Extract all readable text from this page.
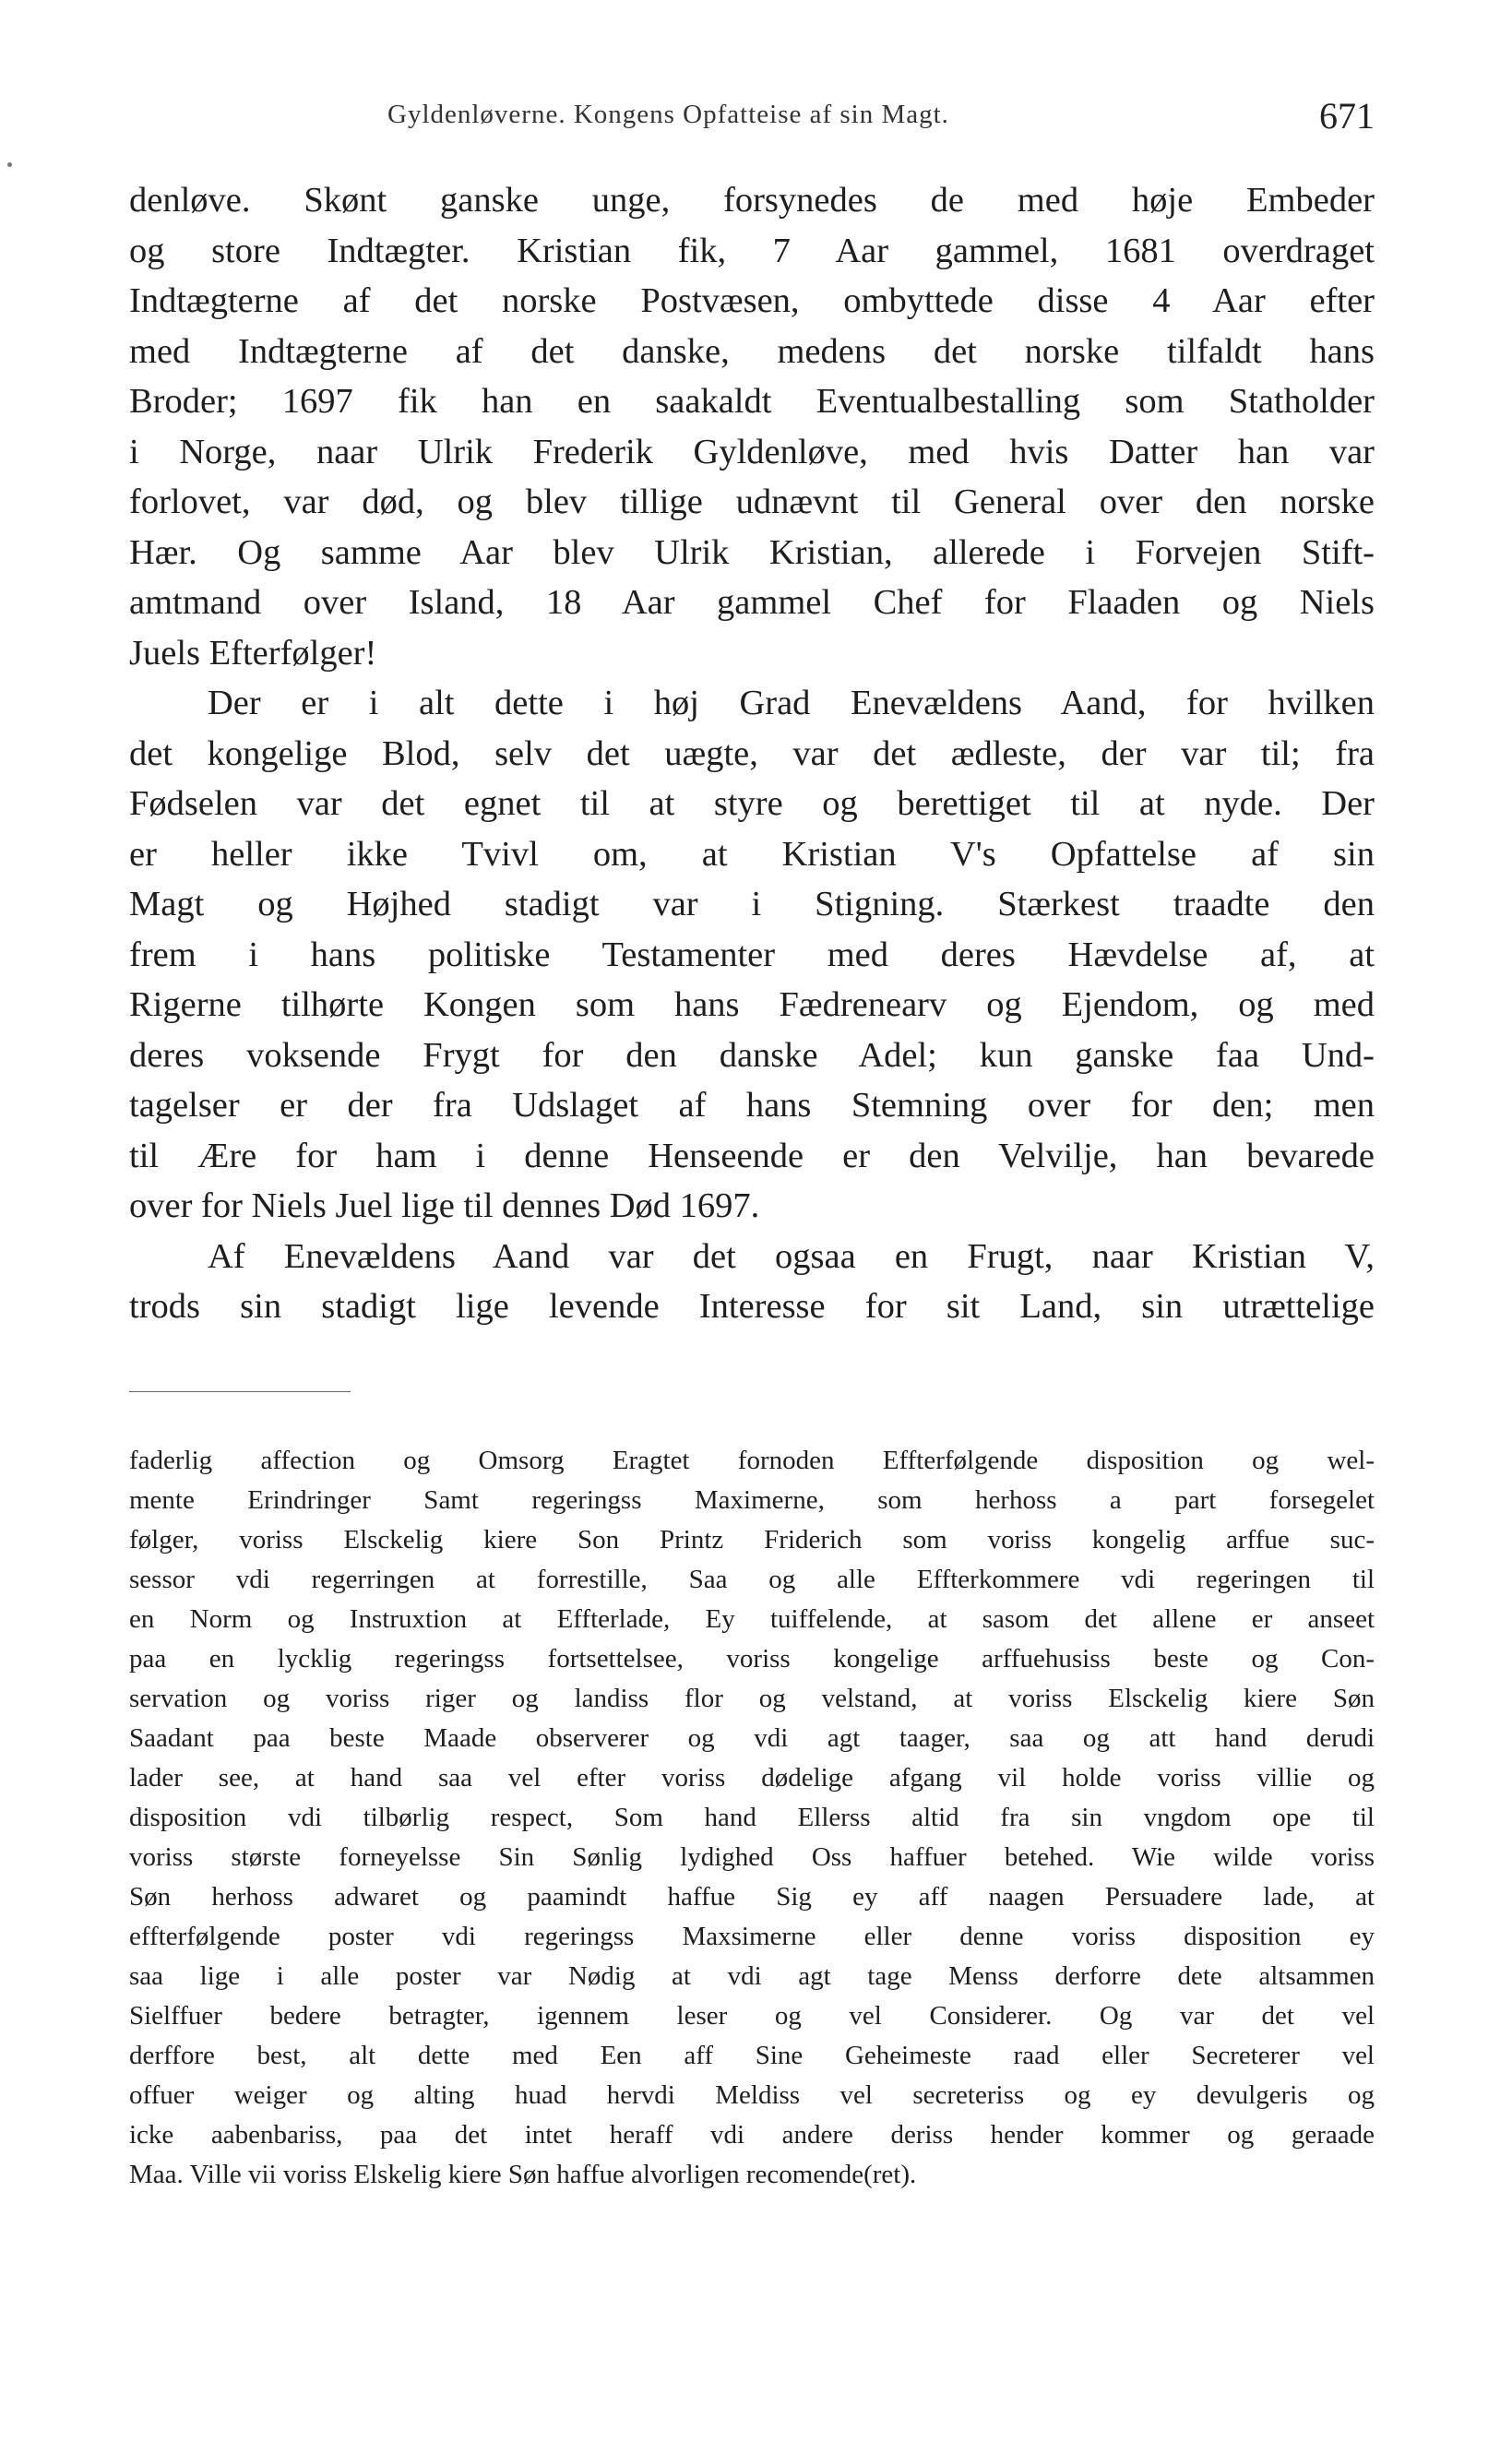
Gyldenløverne. Kongens Opfatteise af sin Magt.	671
denløve. Skønt ganske unge, forsynedes de med høje Embeder
og store Indtægter. Kristian fik, 7 Aar gammel, 1681 overdraget
Indtægterne af det norske Postvæsen, ombyttede disse 4 Aar efter
med Indtægterne af det danske, medens det norske tilfaldt hans
Broder; 1697 fik han en saakaldt Eventualbestalling som Statholder
i Norge, naar Ulrik Frederik Gyldenløve, med hvis Datter han var
forlovet, var død, og blev tillige udnævnt til General over den norske
Hær. Og samme Aar blev Ulrik Kristian, allerede i Forvejen Stift-
amtmand over Island, 18 Aar gammel Chef for Flaaden og Niels
Juels Efterfølger!
Der er i alt dette i høj Grad Enevældens Aand, for hvilken
det kongelige Blod, selv det uægte, var det ædleste, der var til; fra
Fødselen var det egnet til at styre og berettiget til at nyde. Der
er heller ikke Tvivl om, at Kristian V's Opfattelse af sin
Magt og Højhed stadigt var i Stigning. Stærkest traadte den
frem i hans politiske Testamenter med deres Hævdelse af, at
Rigerne tilhørte Kongen som hans Fædrenearv og Ejendom, og med
deres voksende Frygt for den danske Adel; kun ganske faa Und-
tagelser er der fra Udslaget af hans Stemning over for den; men
til Ære for ham i denne Henseende er den Velvilje, han bevarede
over for Niels Juel lige til dennes Død 1697.
Af Enevældens Aand var det ogsaa en Frugt, naar Kristian V,
trods sin stadigt lige levende Interesse for sit Land, sin utrættelige
faderlig affection og Omsorg Eragtet fornoden Effterfølgende disposition og wel-
mente Erindringer Samt regeringss Maximerne, som herhoss a part forsegelet
følger, voriss Elsckelig kiere Son Printz Friderich som voriss kongelig arffue suc-
sessor vdi regerringen at forrestille, Saa og alle Effterkommere vdi regeringen til
en Norm og Instruxtion at Effterlade, Ey tuiffelende, at sasom det allene er anseet
paa en lycklig regeringss fortsettelsee, voriss kongelige arffuehusiss beste og Con-
servation og voriss riger og landiss flor og velstand, at voriss Elsckelig kiere Søn
Saadant paa beste Maade observerer og vdi agt taager, saa og att hand derudi
lader see, at hand saa vel efter voriss dødelige afgang vil holde voriss villie og
disposition vdi tilbørlig respect, Som hand Ellerss altid fra sin vngdom ope til
voriss største forneyelsse Sin Sønlig lydighed Oss haffuer betehed. Wie wilde voriss
Søn herhoss adwaret og paamindt haffue Sig ey aff naagen Persuadere lade, at
effterfølgende poster vdi regeringss Maxsimerne eller denne voriss disposition ey
saa lige i alle poster var Nødig at vdi agt tage Menss derforre dete altsammen
Sielffuer bedere betragter, igennem leser og vel Considerer. Og var det vel
derffore best, alt dette med Een aff Sine Geheimeste raad eller Secreterer vel
offuer weiger og alting huad hervdi Meldiss vel secreteriss og ey devulgeris og
icke aabenbariss, paa det intet heraff vdi andere deriss hender kommer og geraade
Maa. Ville vii voriss Elskelig kiere Søn haffue alvorligen recomende(ret).
